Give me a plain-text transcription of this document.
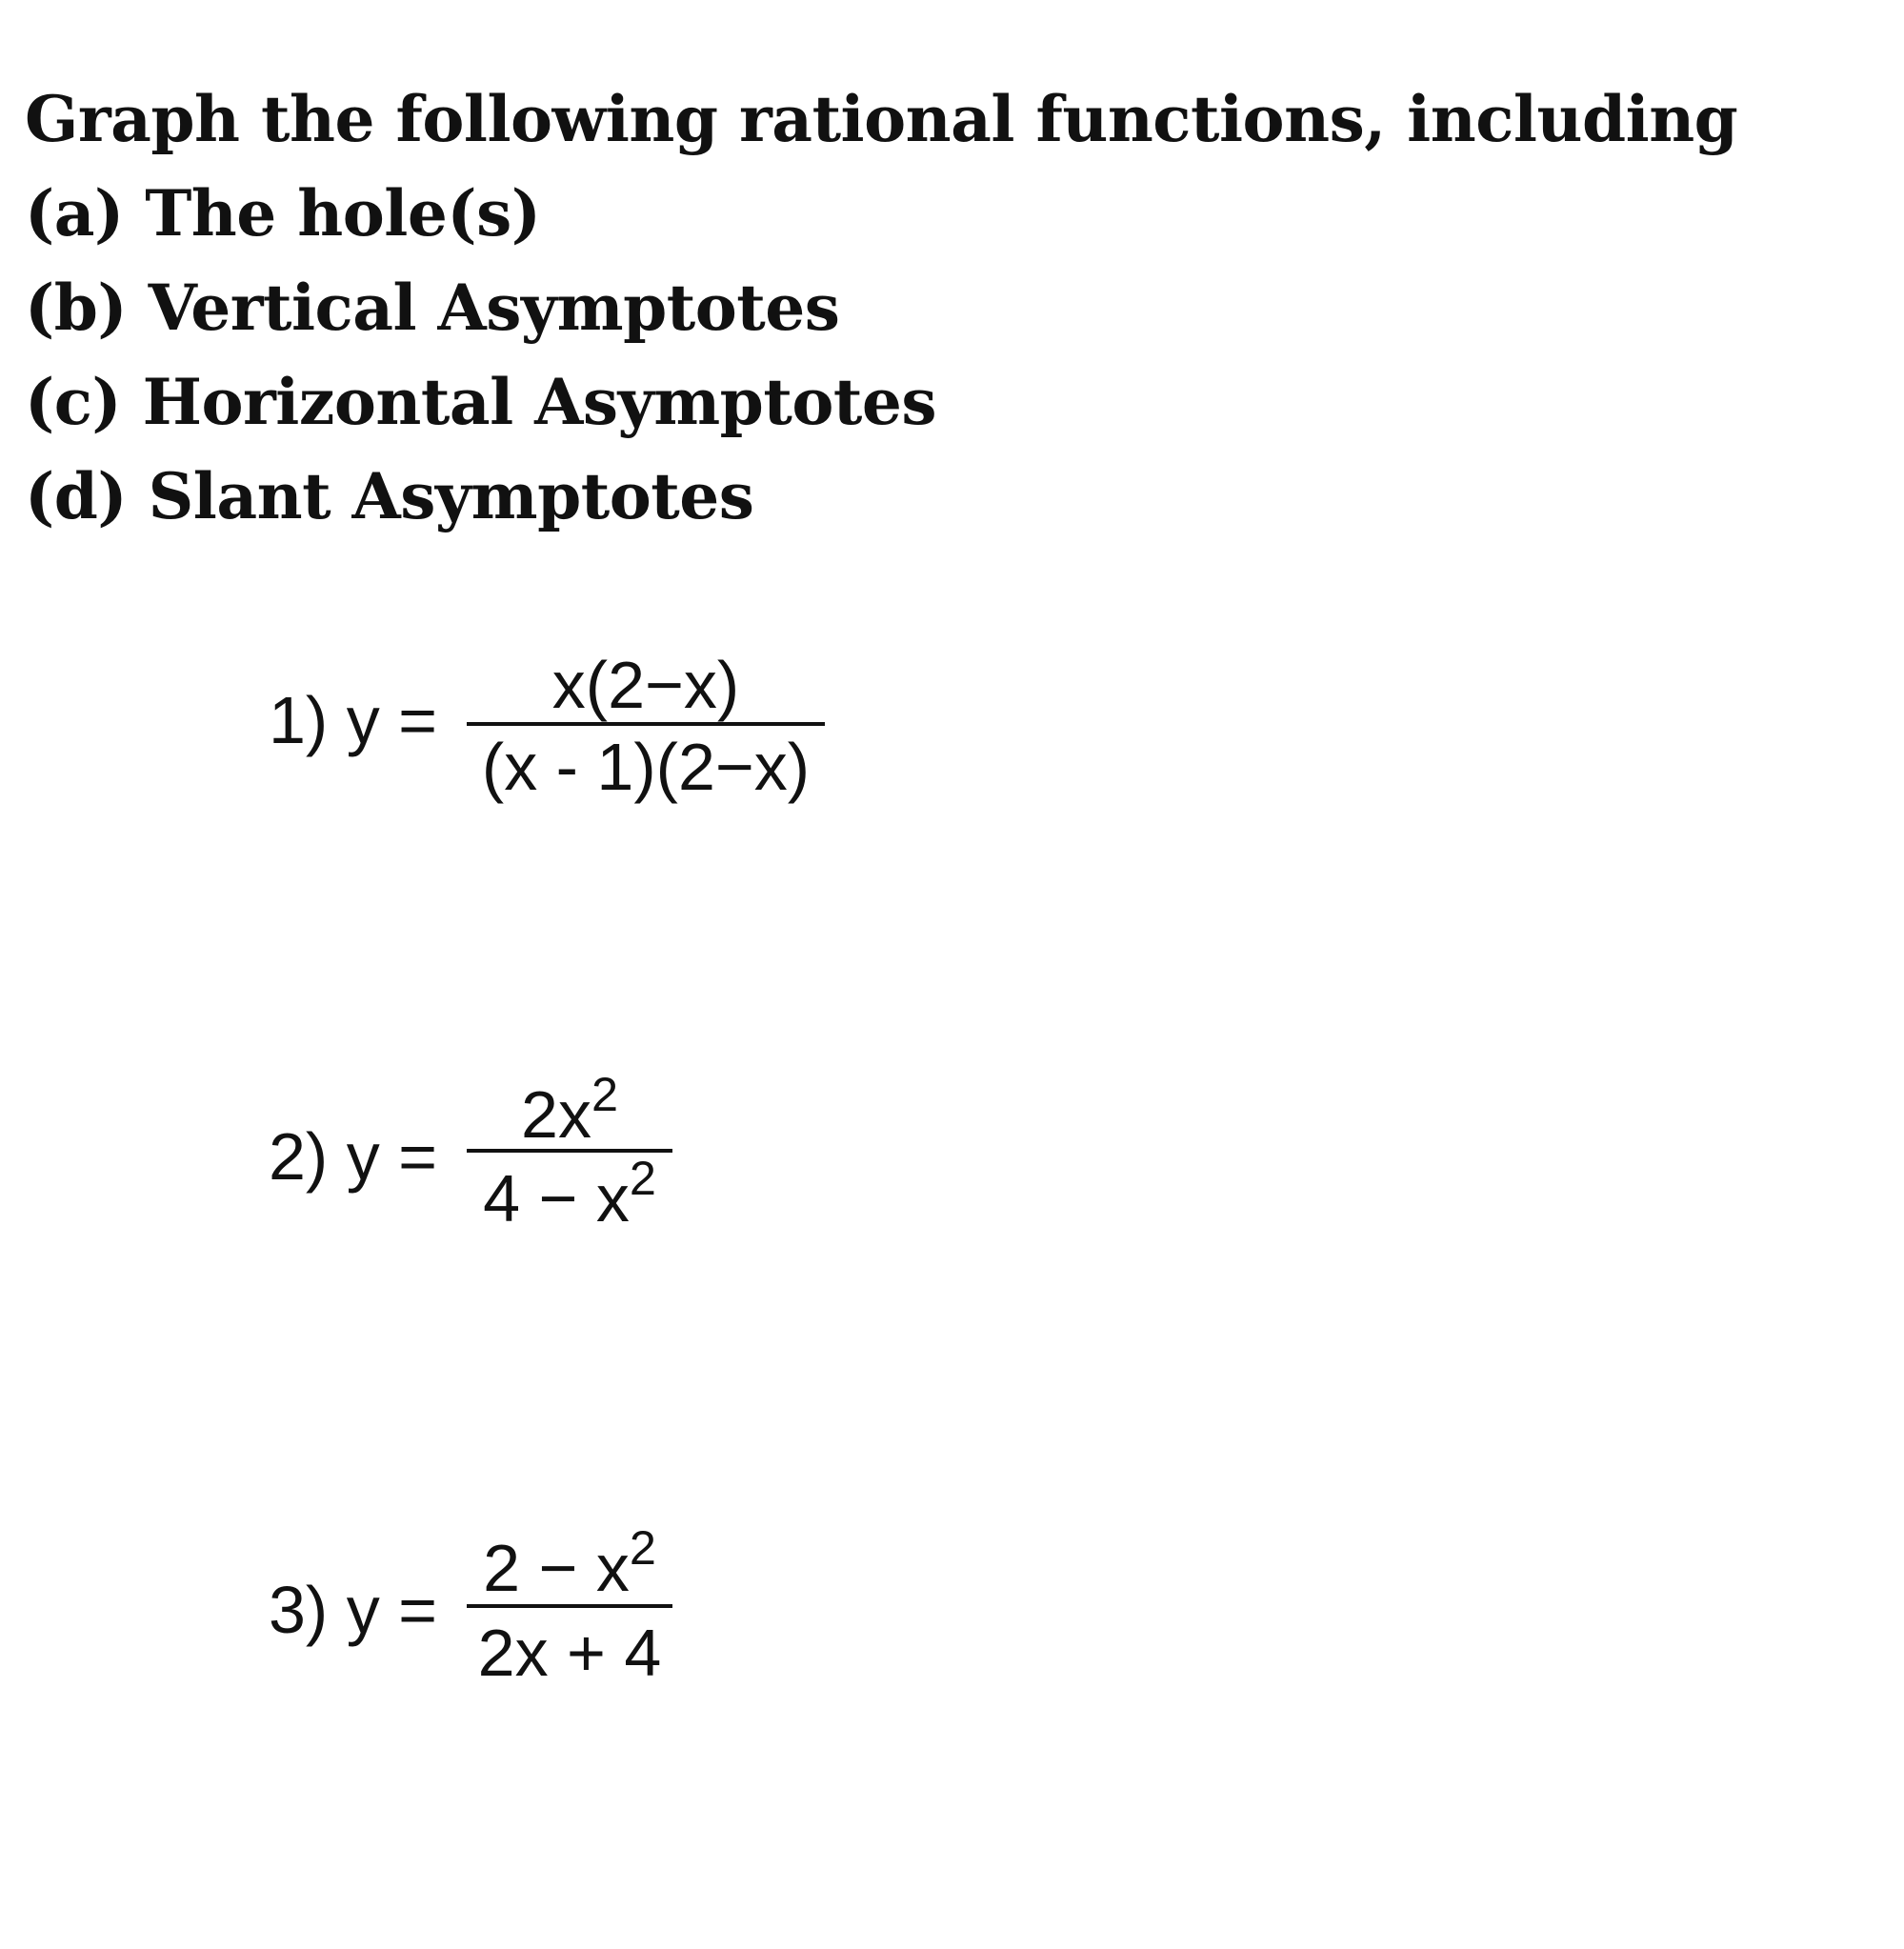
Graph the following rational functions, including
(a) The hole(s)
(b) Vertical Asymptotes
(c) Horizontal Asymptotes
(d) Slant Asymptotes
1) y =	x(2−x)
(x - 1)(2−x)
2) y =
$2x^2$
$4 - x^2$
3) y =
$2 - x^2$
2x + 4
